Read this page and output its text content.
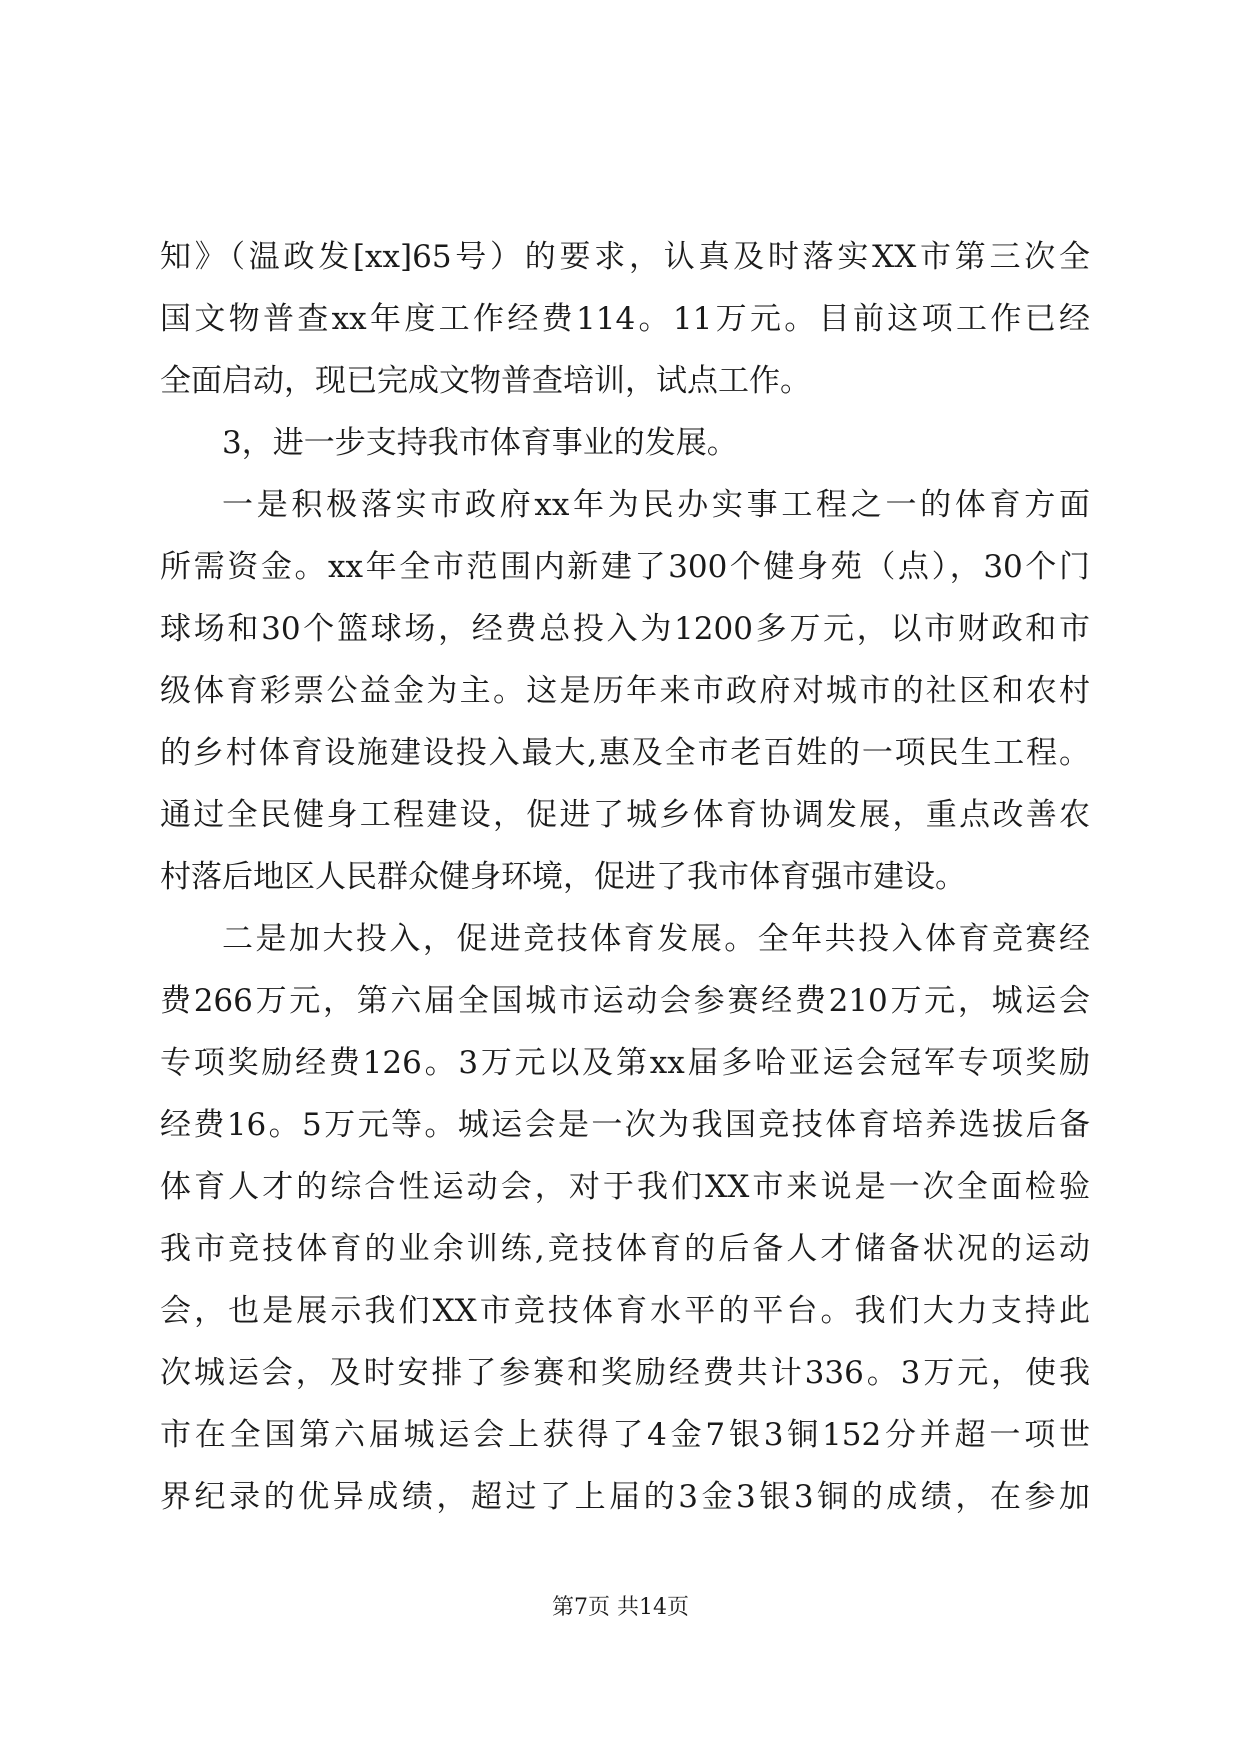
知》（温政发[xx]65号）的要求，认真及时落实XX市第三次全
国文物普查xx年度工作经费114。11万元。目前这项工作已经
全面启动，现已完成文物普查培训，试点工作。
3，进一步支持我市体育事业的发展。
一是积极落实市政府xx年为民办实事工程之一的体育方面
所需资金。xx年全市范围内新建了300个健身苑（点），30个门
球场和30个篮球场，经费总投入为1200多万元，以市财政和市
级体育彩票公益金为主。这是历年来市政府对城市的社区和农村
的乡村体育设施建设投入最大,惠及全市老百姓的一项民生工程。
通过全民健身工程建设，促进了城乡体育协调发展，重点改善农
村落后地区人民群众健身环境，促进了我市体育强市建设。
二是加大投入，促进竞技体育发展。全年共投入体育竞赛经
费266万元，第六届全国城市运动会参赛经费210万元，城运会
专项奖励经费126。3万元以及第xx届多哈亚运会冠军专项奖励
经费16。5万元等。城运会是一次为我国竞技体育培养选拔后备
体育人才的综合性运动会，对于我们XX市来说是一次全面检验
我市竞技体育的业余训练,竞技体育的后备人才储备状况的运动
会，也是展示我们XX市竞技体育水平的平台。我们大力支持此
次城运会，及时安排了参赛和奖励经费共计336。3万元，使我
市在全国第六届城运会上获得了4金7银3铜152分并超一项世
界纪录的优异成绩，超过了上届的3金3银3铜的成绩，在参加
第7页 共14页
